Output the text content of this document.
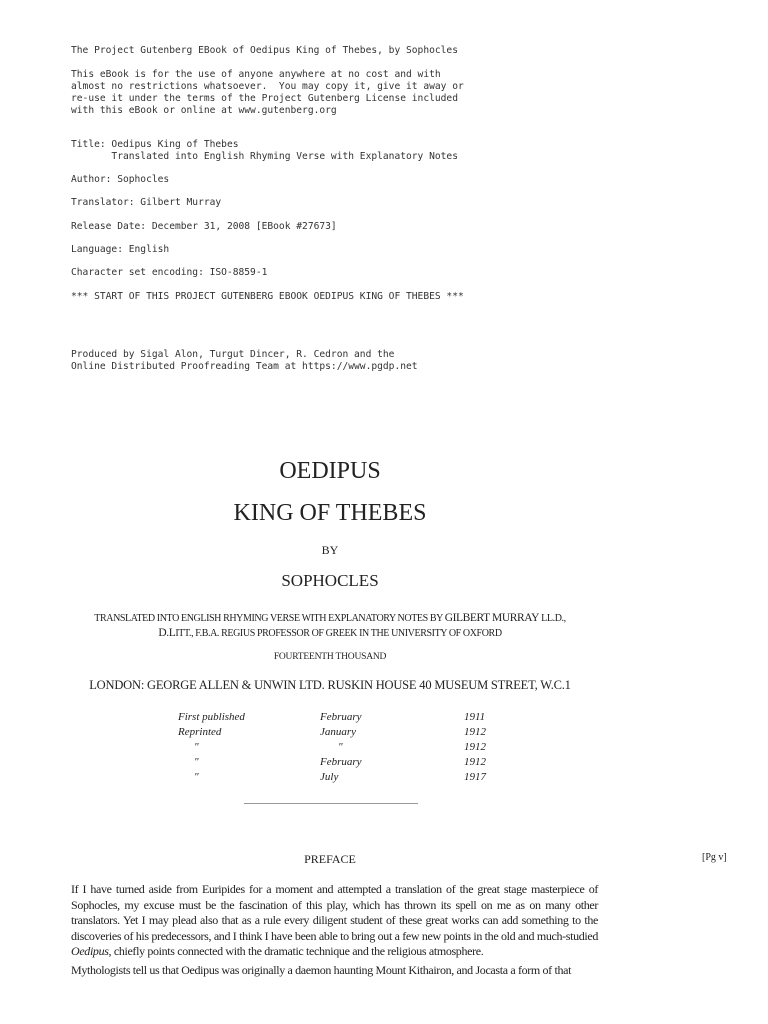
The Project Gutenberg EBook of Oedipus King of Thebes, by Sophocles
This eBook is for the use of anyone anywhere at no cost and with
almost no restrictions whatsoever.  You may copy it, give it away or
re-use it under the terms of the Project Gutenberg License included
with this eBook or online at www.gutenberg.org
Title: Oedipus King of Thebes
Translated into English Rhyming Verse with Explanatory Notes
Author: Sophocles
Translator: Gilbert Murray
Release Date: December 31, 2008 [EBook #27673]
Language: English
Character set encoding: ISO-8859-1
*** START OF THIS PROJECT GUTENBERG EBOOK OEDIPUS KING OF THEBES ***
Produced by Sigal Alon, Turgut Dincer, R. Cedron and the
Online Distributed Proofreading Team at https://www.pgdp.net
OEDIPUS
KING OF THEBES
BY
SOPHOCLES
TRANSLATED INTO ENGLISH RHYMING VERSE WITH EXPLANATORY NOTES BY GILBERT MURRAY LL.D.,
D.LITT., F.B.A. REGIUS PROFESSOR OF GREEK IN THE UNIVERSITY OF OXFORD
FOURTEENTH THOUSAND
LONDON: GEORGE ALLEN & UNWIN LTD. RUSKIN HOUSE 40 MUSEUM STREET, W.C.1
First published	February	1911
Reprinted	January	1912
"	"	1912
"	February	1912
"	July	1917
PREFACE	[Pg v]

If I have turned aside from Euripides for a moment and attempted a translation of the great stage masterpiece of Sophocles, my excuse must be the fascination of this play, which has thrown its spell on me as on many other translators. Yet I may plead also that as a rule every diligent student of these great works can add something to the discoveries of his predecessors, and I think I have been able to bring out a few new points in the old and much-studied Oedipus, chiefly points connected with the dramatic technique and the religious atmosphere.

Mythologists tell us that Oedipus was originally a daemon haunting Mount Kithairon, and Jocasta a form of that
